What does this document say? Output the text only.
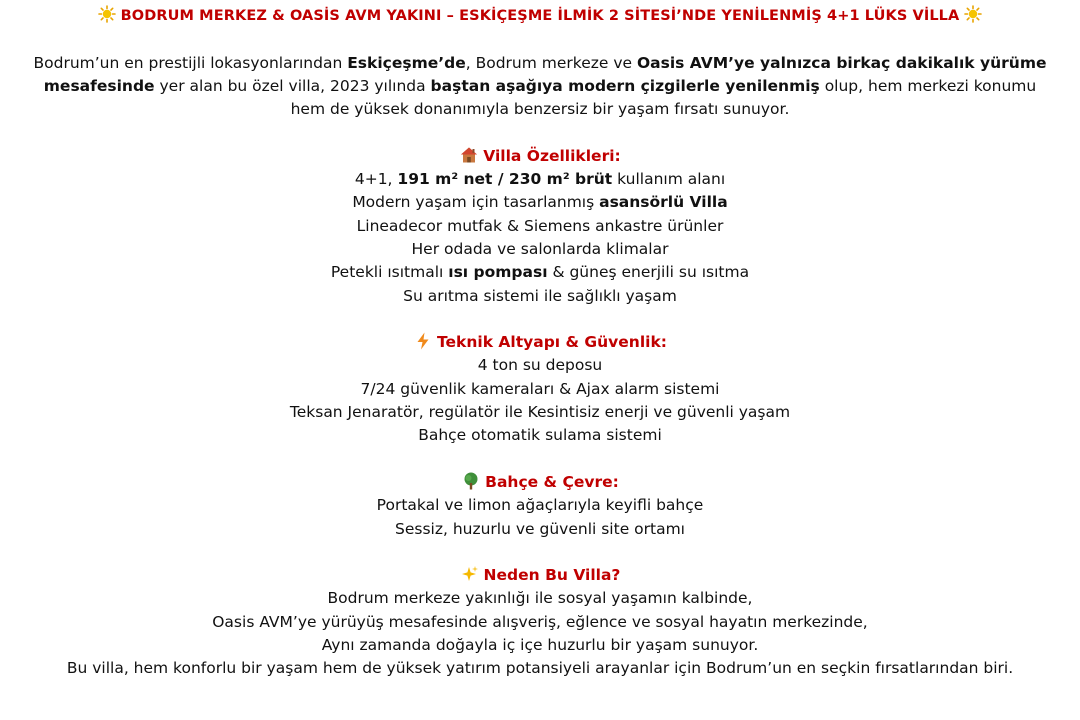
BODRUM MERKEZ & OASİS AVM YAKINI – ESKİÇEŞME İLMİK 2 SİTESİ’NDE YENİLENMİŞ 4+1 LÜKS VİLLA
Bodrum’un en prestijli lokasyonlarından Eskiçeşme’de, Bodrum merkeze ve Oasis AVM’ye yalnızca birkaç dakikalık yürüme
mesafesinde yer alan bu özel villa, 2023 yılında baştan aşağıya modern çizgilerle yenilenmiş olup, hem merkezi konumu
hem de yüksek donanımıyla benzersiz bir yaşam fırsatı sunuyor.
Villa Özellikleri:
4+1, 191 m² net / 230 m² brüt kullanım alanı
Modern yaşam için tasarlanmış asansörlü Villa
Lineadecor mutfak & Siemens ankastre ürünler
Her odada ve salonlarda klimalar
Petekli ısıtmalı ısı pompası & güneş enerjili su ısıtma
Su arıtma sistemi ile sağlıklı yaşam
Teknik Altyapı & Güvenlik:
4 ton su deposu
7/24 güvenlik kameraları & Ajax alarm sistemi
Teksan Jenaratör, regülatör ile Kesintisiz enerji ve güvenli yaşam
Bahçe otomatik sulama sistemi
Bahçe & Çevre:
Portakal ve limon ağaçlarıyla keyifli bahçe
Sessiz, huzurlu ve güvenli site ortamı
Neden Bu Villa?
Bodrum merkeze yakınlığı ile sosyal yaşamın kalbinde,
Oasis AVM’ye yürüyüş mesafesinde alışveriş, eğlence ve sosyal hayatın merkezinde,
Aynı zamanda doğayla iç içe huzurlu bir yaşam sunuyor.
Bu villa, hem konforlu bir yaşam hem de yüksek yatırım potansiyeli arayanlar için Bodrum’un en seçkin fırsatlarından biri.
